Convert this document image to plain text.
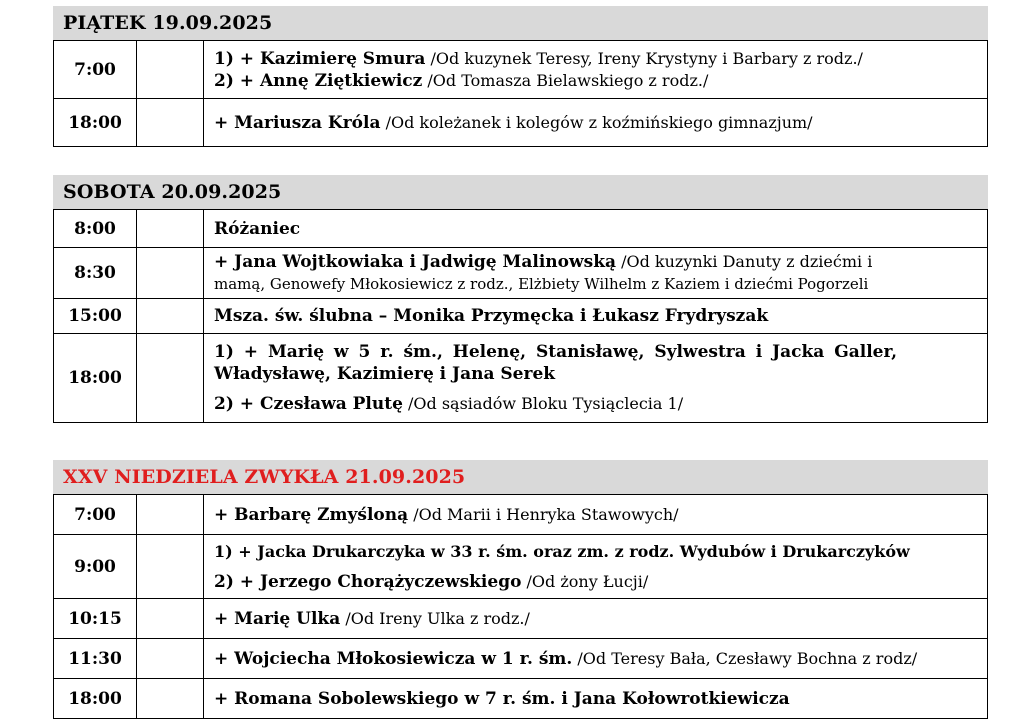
PIĄTEK 19.09.2025
7:00		1) + Kazimierę Smura /Od kuzynek Teresy, Ireny Krystyny i Barbary z rodz./
2) + Annę Ziętkiewicz /Od Tomasza Bielawskiego z rodz./

18:00		+ Mariusza Króla /Od koleżanek i kolegów z koźmińskiego gimnazjum/
SOBOTA 20.09.2025
8:00		Różaniec

8:30		+ Jana Wojtkowiaka i Jadwigę Malinowską /Od kuzynki Danuty z dziećmi i
mamą, Genowefy Młokosiewicz z rodz., Elżbiety Wilhelm z Kaziem i dziećmi Pogorzeli

15:00		Msza. św. ślubna – Monika Przymęcka i Łukasz Frydryszak

18:00		1) + Marię w 5 r. śm., Helenę, Stanisławę, Sylwestra i Jacka Galler,
Władysławę, Kazimierę i Jana Serek
2) + Czesława Plutę /Od sąsiadów Bloku Tysiąclecia 1/
XXV NIEDZIELA ZWYKŁA 21.09.2025
7:00		+ Barbarę Zmyśloną /Od Marii i Henryka Stawowych/

9:00		1) + Jacka Drukarczyka w 33 r. śm. oraz zm. z rodz. Wydubów i Drukarczyków
2) + Jerzego Chorążyczewskiego /Od żony Łucji/

10:15		+ Marię Ulka /Od Ireny Ulka z rodz./

11:30		+ Wojciecha Młokosiewicza w 1 r. śm. /Od Teresy Bała, Czesławy Bochna z rodz/

18:00		+ Romana Sobolewskiego w 7 r. śm. i Jana Kołowrotkiewicza
